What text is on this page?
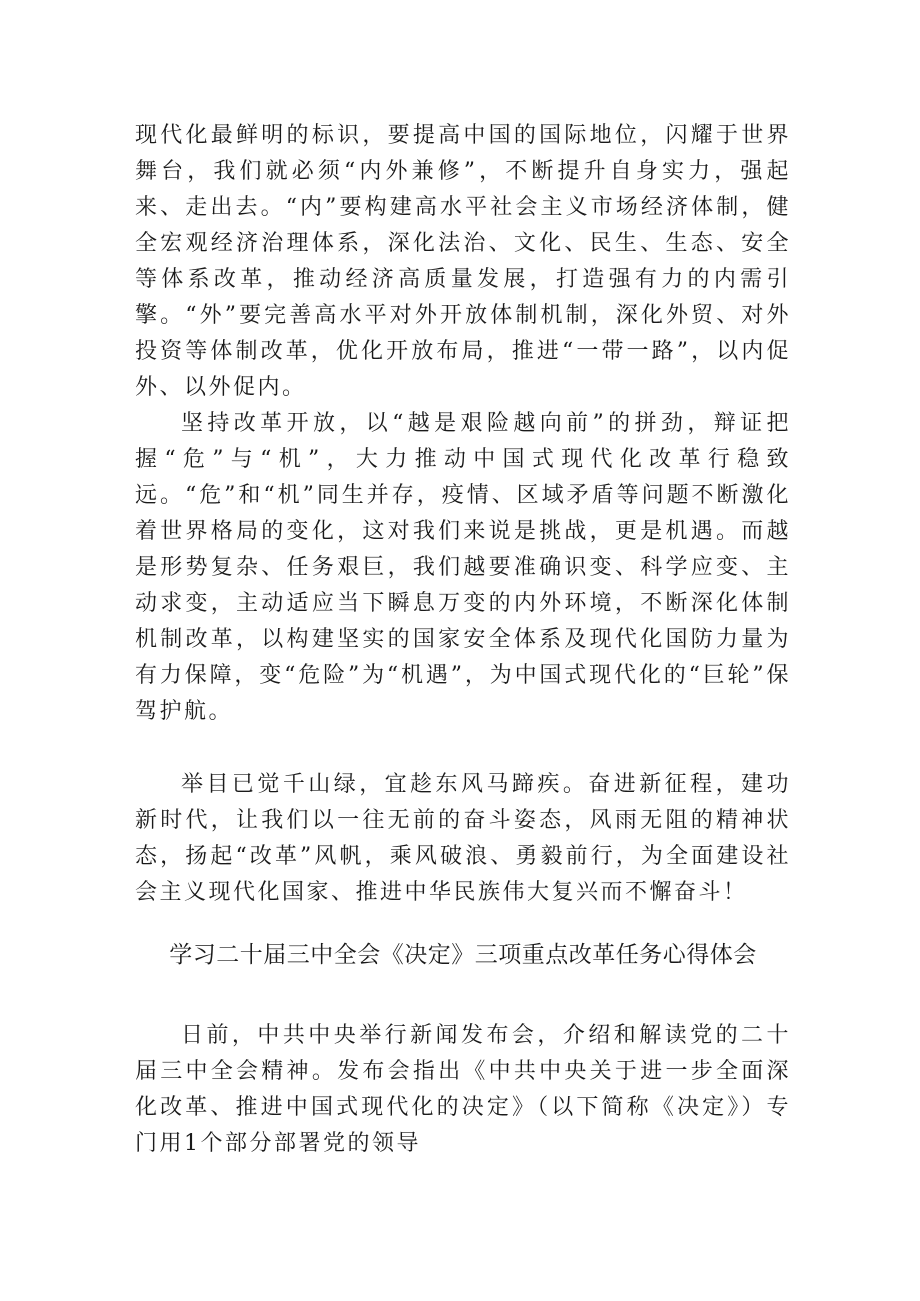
现代化最鲜明的标识，要提高中国的国际地位，闪耀于世界舞台，我们就必须“内外兼修”，不断提升自身实力，强起来、走出去。“内”要构建高水平社会主义市场经济体制，健全宏观经济治理体系，深化法治、文化、民生、生态、安全等体系改革，推动经济高质量发展，打造强有力的内需引擎。“外”要完善高水平对外开放体制机制，深化外贸、对外投资等体制改革，优化开放布局，推进“一带一路”，以内促外、以外促内。

坚持改革开放，以“越是艰险越向前”的拼劲，辩证把握“危”与“机”，大力推动中国式现代化改革行稳致远。“危”和“机”同生并存，疫情、区域矛盾等问题不断激化着世界格局的变化，这对我们来说是挑战，更是机遇。而越是形势复杂、任务艰巨，我们越要准确识变、科学应变、主动求变，主动适应当下瞬息万变的内外环境，不断深化体制机制改革，以构建坚实的国家安全体系及现代化国防力量为有力保障，变“危险”为“机遇”，为中国式现代化的“巨轮”保驾护航。

举目已觉千山绿，宜趁东风马蹄疾。奋进新征程，建功新时代，让我们以一往无前的奋斗姿态，风雨无阻的精神状态，扬起“改革”风帆，乘风破浪、勇毅前行，为全面建设社会主义现代化国家、推进中华民族伟大复兴而不懈奋斗！

学习二十届三中全会《决定》三项重点改革任务心得体会

日前，中共中央举行新闻发布会，介绍和解读党的二十届三中全会精神。发布会指出《中共中央关于进一步全面深化改革、推进中国式现代化的决定》（以下简称《决定》）专门用1个部分部署党的领导
